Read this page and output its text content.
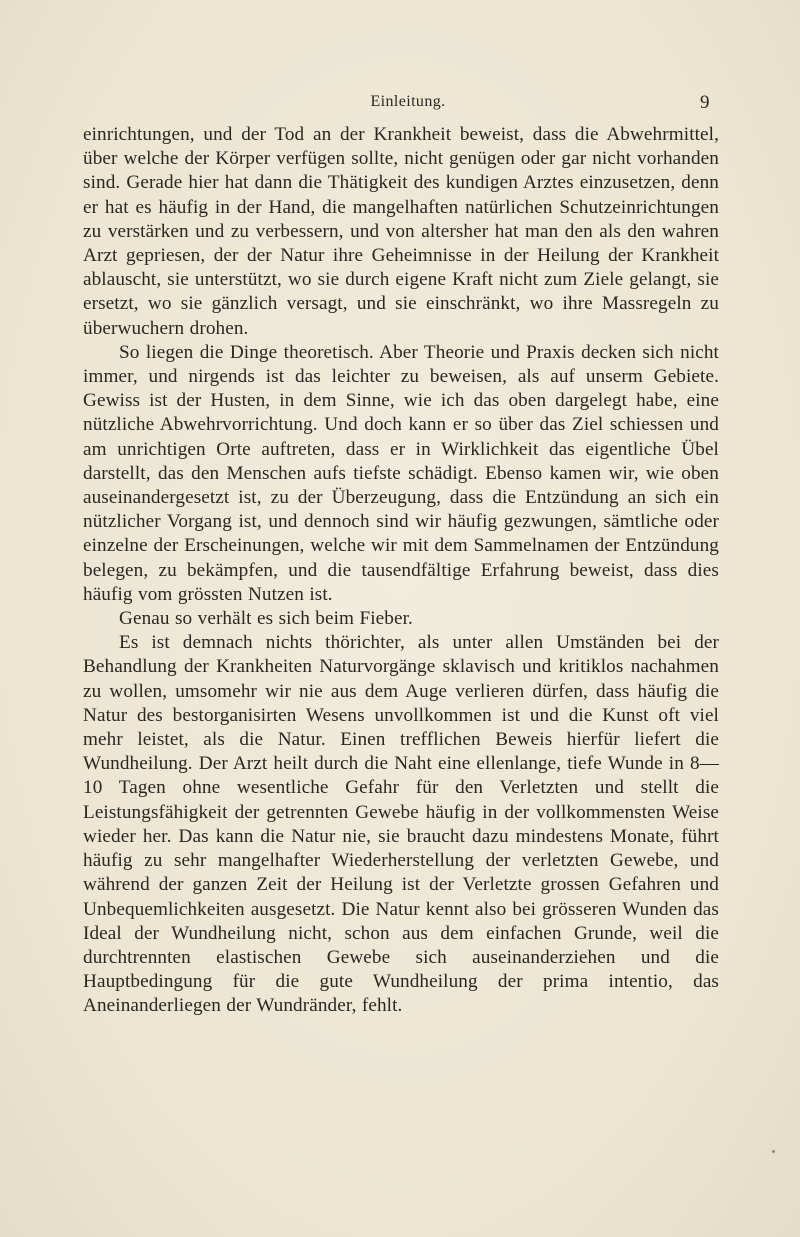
Einleitung.	9

einrichtungen, und der Tod an der Krankheit beweist, dass die Abwehrmittel, über welche der Körper verfügen sollte, nicht genügen oder gar nicht vorhanden sind. Gerade hier hat dann die Thätigkeit des kundigen Arztes einzusetzen, denn er hat es häufig in der Hand, die mangelhaften natürlichen Schutzeinrichtungen zu verstärken und zu verbessern, und von altersher hat man den als den wahren Arzt gepriesen, der der Natur ihre Geheimnisse in der Heilung der Krankheit ablauscht, sie unterstützt, wo sie durch eigene Kraft nicht zum Ziele gelangt, sie ersetzt, wo sie gänzlich versagt, und sie einschränkt, wo ihre Massregeln zu überwuchern drohen.

So liegen die Dinge theoretisch. Aber Theorie und Praxis decken sich nicht immer, und nirgends ist das leichter zu beweisen, als auf unserm Gebiete. Gewiss ist der Husten, in dem Sinne, wie ich das oben dargelegt habe, eine nützliche Abwehrvorrichtung. Und doch kann er so über das Ziel schiessen und am unrichtigen Orte auftreten, dass er in Wirklichkeit das eigentliche Übel darstellt, das den Menschen aufs tiefste schädigt. Ebenso kamen wir, wie oben auseinandergesetzt ist, zu der Überzeugung, dass die Entzündung an sich ein nützlicher Vorgang ist, und dennoch sind wir häufig gezwungen, sämtliche oder einzelne der Erscheinungen, welche wir mit dem Sammelnamen der Entzündung belegen, zu bekämpfen, und die tausendfältige Erfahrung beweist, dass dies häufig vom grössten Nutzen ist.

Genau so verhält es sich beim Fieber.

Es ist demnach nichts thörichter, als unter allen Umständen bei der Behandlung der Krankheiten Naturvorgänge sklavisch und kritiklos nachahmen zu wollen, umsomehr wir nie aus dem Auge verlieren dürfen, dass häufig die Natur des bestorganisirten Wesens unvollkommen ist und die Kunst oft viel mehr leistet, als die Natur. Einen trefflichen Beweis hierfür liefert die Wundheilung. Der Arzt heilt durch die Naht eine ellenlange, tiefe Wunde in 8—10 Tagen ohne wesentliche Gefahr für den Verletzten und stellt die Leistungsfähigkeit der getrennten Gewebe häufig in der vollkommensten Weise wieder her. Das kann die Natur nie, sie braucht dazu mindestens Monate, führt häufig zu sehr mangelhafter Wiederherstellung der verletzten Gewebe, und während der ganzen Zeit der Heilung ist der Verletzte grossen Gefahren und Unbequemlichkeiten ausgesetzt. Die Natur kennt also bei grösseren Wunden das Ideal der Wundheilung nicht, schon aus dem einfachen Grunde, weil die durchtrennten elastischen Gewebe sich auseinanderziehen und die Hauptbedingung für die gute Wundheilung der prima intentio, das Aneinanderliegen der Wundränder, fehlt.
